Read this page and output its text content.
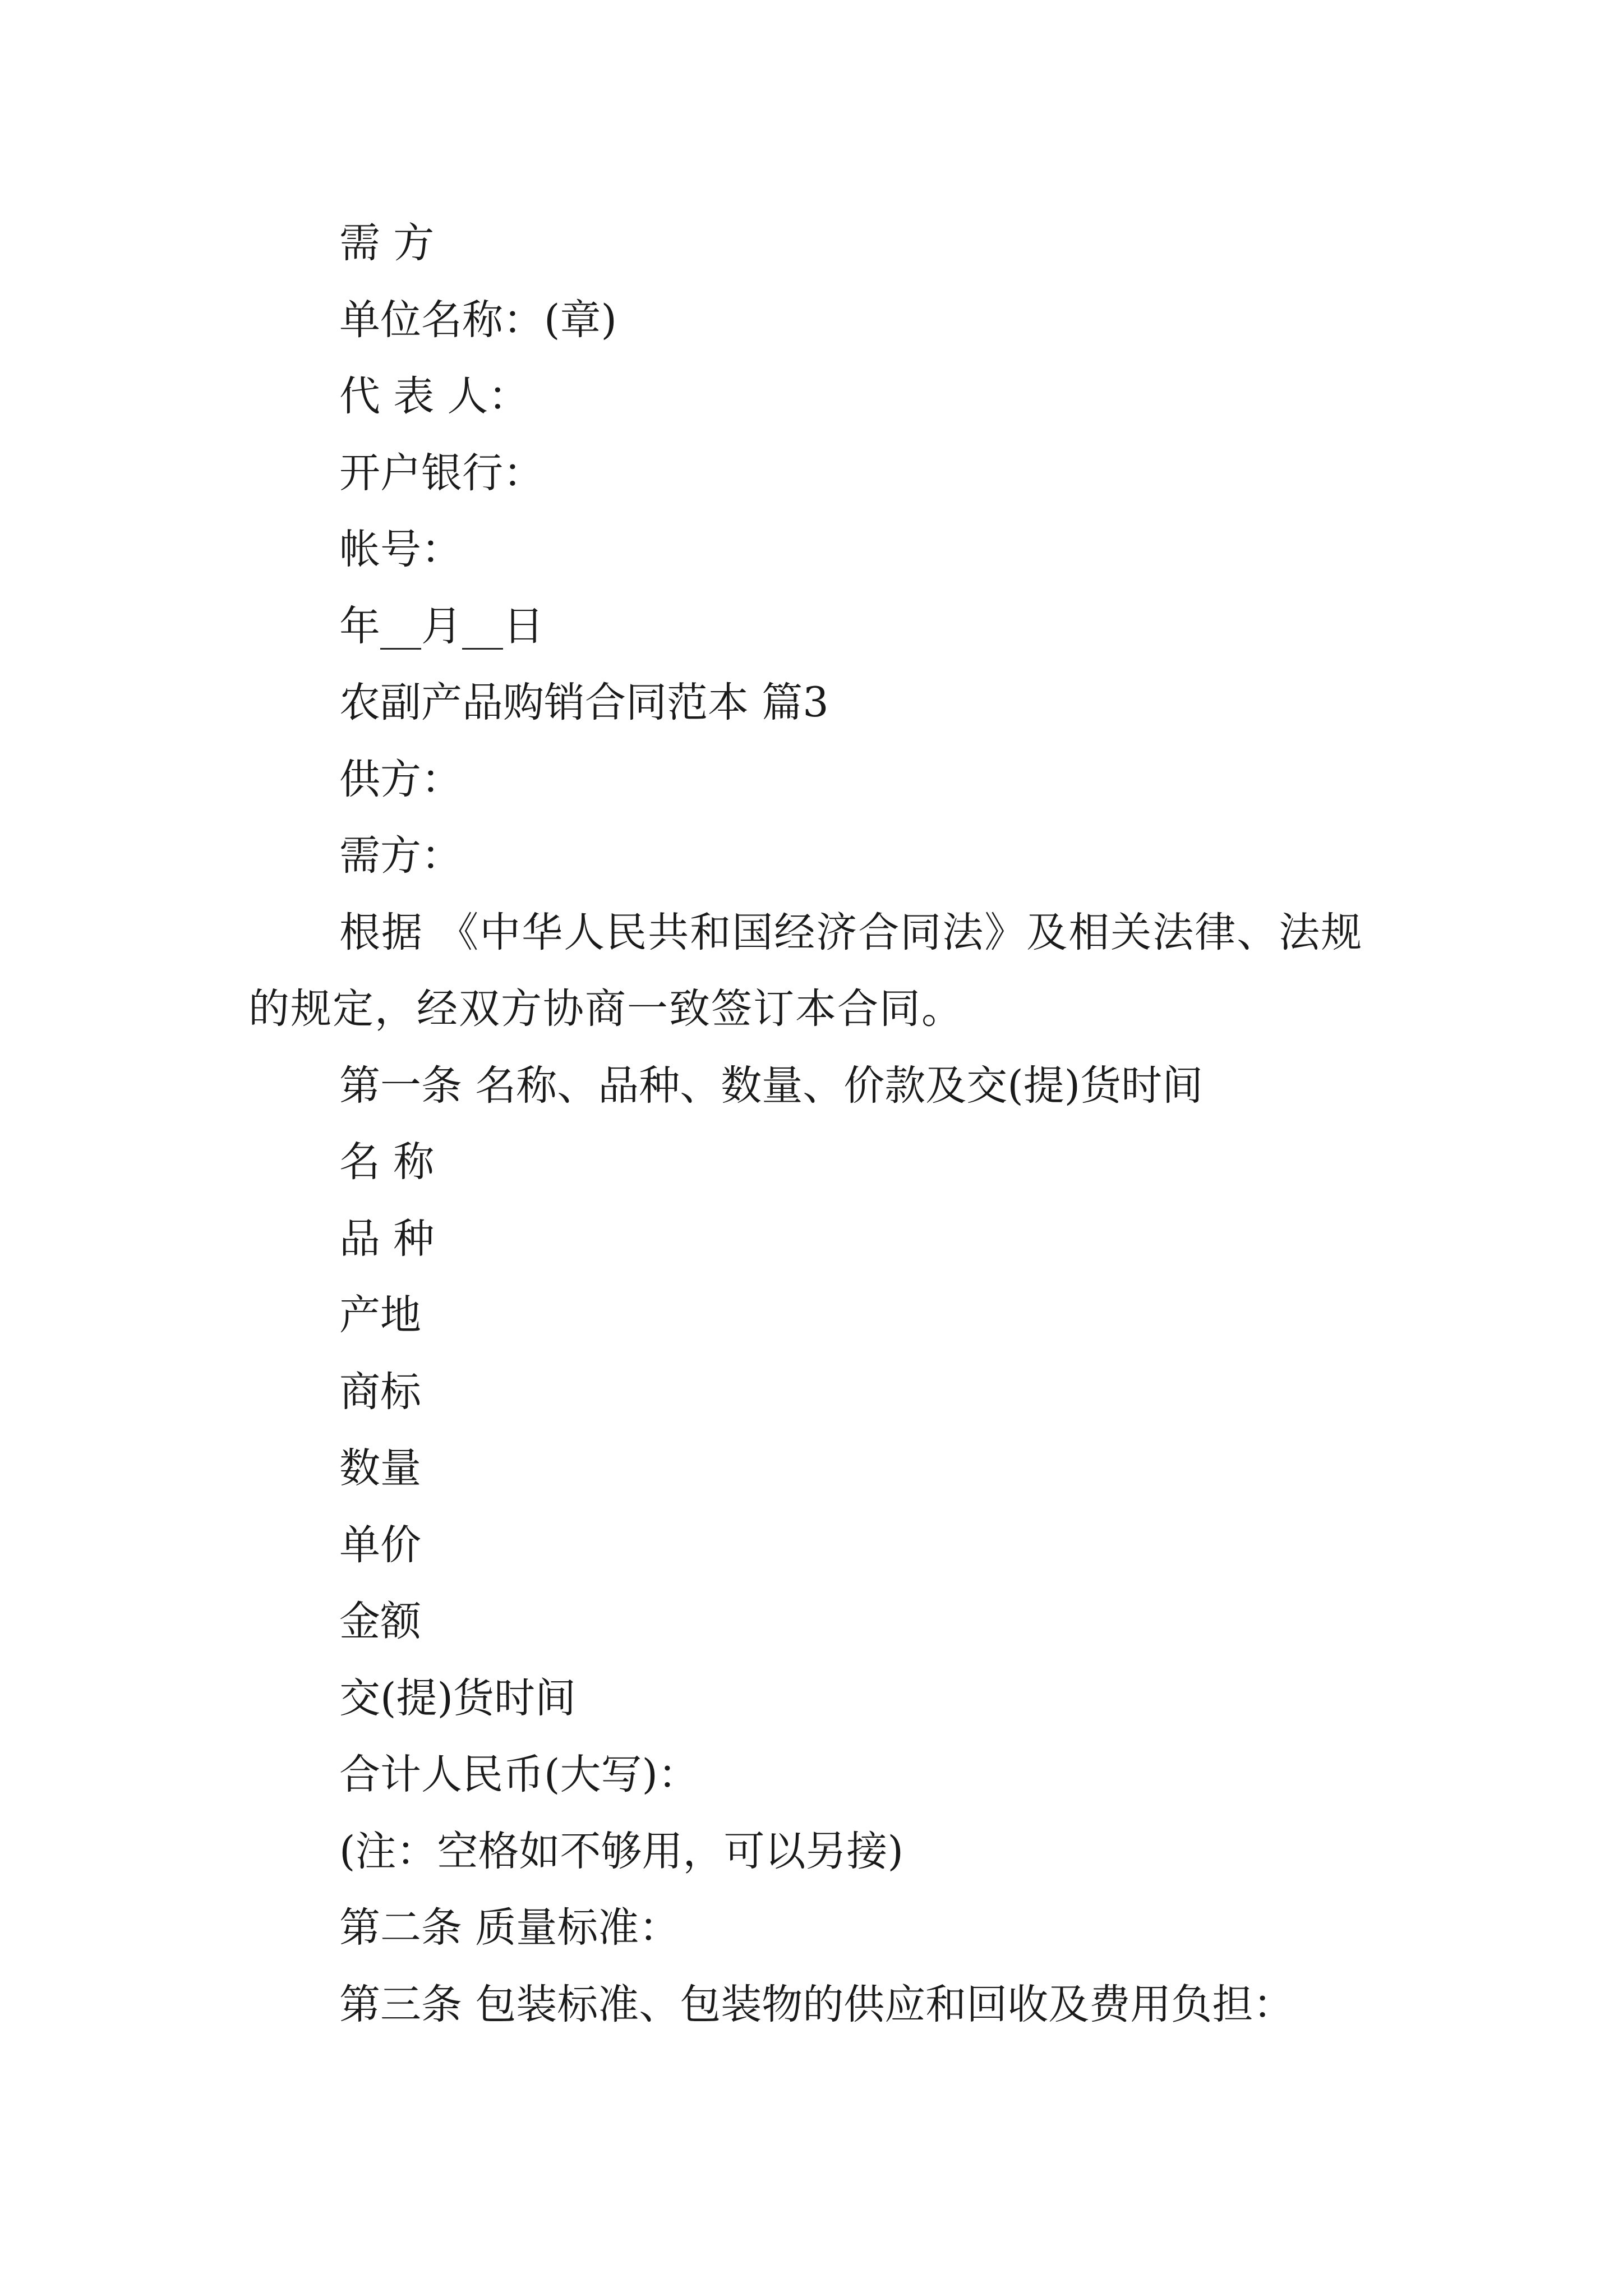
需 方
单位名称：(章)
代 表 人：
开户银行：
帐号：
年__月__日
农副产品购销合同范本 篇3
供方：
需方：
根据 《中华人民共和国经济合同法》及相关法律、法规的规定，经双方协商一致签订本合同。
第一条 名称、品种、数量、价款及交(提)货时间
名 称
品 种
产地
商标
数量
单价
金额
交(提)货时间
合计人民币(大写)：
(注：空格如不够用，可以另接)
第二条 质量标准：
第三条 包装标准、包装物的供应和回收及费用负担：
